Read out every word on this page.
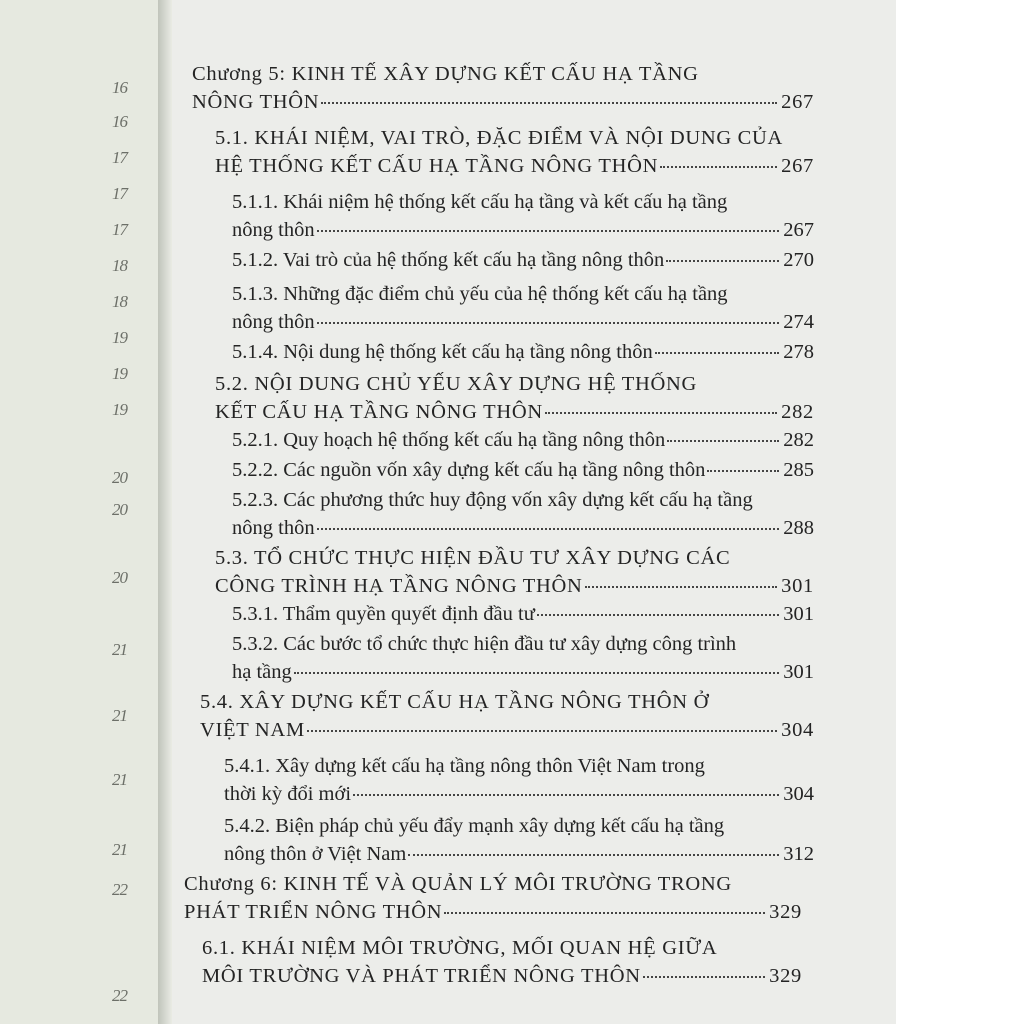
16
16
17
17
17
18
18
19
19
19
20
20
20
21
21
21
21
22
22
Chương 5: KINH TẾ XÂY DỰNG KẾT CẤU HẠ TẦNG
NÔNG THÔN	267
5.1. KHÁI NIỆM, VAI TRÒ, ĐẶC ĐIỂM VÀ NỘI DUNG CỦA
HỆ THỐNG KẾT CẤU HẠ TẦNG NÔNG THÔN	267
5.1.1. Khái niệm hệ thống kết cấu hạ tầng và kết cấu hạ tầng
nông thôn	267
5.1.2. Vai trò của hệ thống kết cấu hạ tầng nông thôn	270
5.1.3. Những đặc điểm chủ yếu của hệ thống kết cấu hạ tầng
nông thôn	274
5.1.4. Nội dung hệ thống kết cấu hạ tầng nông thôn	278
5.2. NỘI DUNG CHỦ YẾU XÂY DỰNG HỆ THỐNG
KẾT CẤU HẠ TẦNG NÔNG THÔN	282
5.2.1. Quy hoạch hệ thống kết cấu hạ tầng nông thôn	282
5.2.2. Các nguồn vốn xây dựng kết cấu hạ tầng nông thôn	285
5.2.3. Các phương thức huy động vốn xây dựng kết cấu hạ tầng
nông thôn	288
5.3. TỔ CHỨC THỰC HIỆN ĐẦU TƯ XÂY DỰNG CÁC
CÔNG TRÌNH HẠ TẦNG NÔNG THÔN	301
5.3.1. Thẩm quyền quyết định đầu tư	301
5.3.2. Các bước tổ chức thực hiện đầu tư xây dựng công trình
hạ tầng	301
5.4. XÂY DỰNG KẾT CẤU HẠ TẦNG NÔNG THÔN Ở
VIỆT NAM	304
5.4.1. Xây dựng kết cấu hạ tầng nông thôn Việt Nam trong
thời kỳ đổi mới	304
5.4.2. Biện pháp chủ yếu đẩy mạnh xây dựng kết cấu hạ tầng
nông thôn ở Việt Nam	312
Chương 6: KINH TẾ VÀ QUẢN LÝ MÔI TRƯỜNG TRONG
PHÁT TRIỂN NÔNG THÔN	329
6.1. KHÁI NIỆM MÔI TRƯỜNG, MỐI QUAN HỆ GIỮA
MÔI TRƯỜNG VÀ PHÁT TRIỂN NÔNG THÔN	329
